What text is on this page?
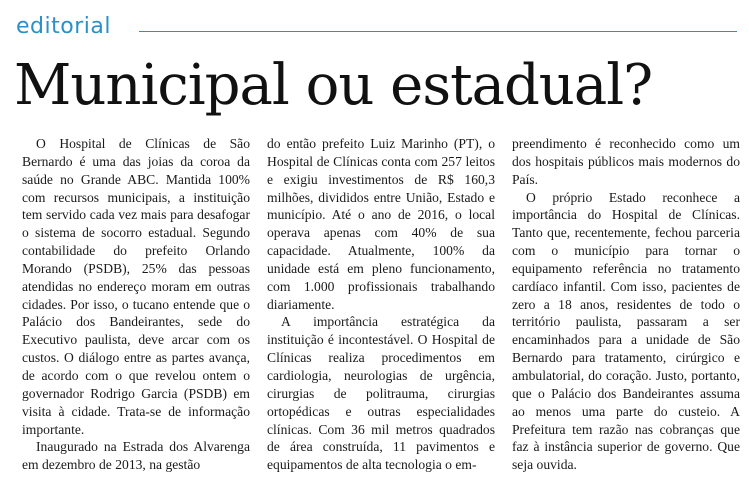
editorial
Municipal ou estadual?

O Hospital de Clínicas de São Bernardo é uma das joias da coroa da saúde no Grande ABC. Mantida 100% com recursos municipais, a instituição tem servido cada vez mais para desafogar o sistema de socorro estadual. Segundo contabilidade do prefeito Orlando Morando (PSDB), 25% das pessoas atendidas no endereço moram em outras cidades. Por isso, o tucano entende que o Palácio dos Bandeirantes, sede do Executivo paulista, deve arcar com os custos. O diálogo entre as partes avança, de acordo com o que revelou ontem o governador Rodrigo Garcia (PSDB) em visita à cidade. Trata-se de informação importante.

Inaugurado na Estrada dos Alvarenga em dezembro de 2013, na gestão

do então prefeito Luiz Marinho (PT), o Hospital de Clínicas conta com 257 leitos e exigiu investimentos de R$ 160,3 milhões, divididos entre União, Estado e município. Até o ano de 2016, o local operava apenas com 40% de sua capacidade. Atualmente, 100% da unidade está em pleno funcionamento, com 1.000 profissionais trabalhando diariamente.

A importância estratégica da instituição é incontestável. O Hospital de Clínicas realiza procedimentos em cardiologia, neurologias de urgência, cirurgias de politrauma, cirurgias ortopédicas e outras especialidades clínicas. Com 36 mil metros quadrados de área construída, 11 pavimentos e equipamentos de alta tecnologia o em-

preendimento é reconhecido como um dos hospitais públicos mais modernos do País.

O próprio Estado reconhece a importância do Hospital de Clínicas. Tanto que, recentemente, fechou parceria com o município para tornar o equipamento referência no tratamento cardíaco infantil. Com isso, pacientes de zero a 18 anos, residentes de todo o território paulista, passaram a ser encaminhados para a unidade de São Bernardo para tratamento, cirúrgico e ambulatorial, do coração. Justo, portanto, que o Palácio dos Bandeirantes assuma ao menos uma parte do custeio. A Prefeitura tem razão nas cobranças que faz à instância superior de governo. Que seja ouvida.
